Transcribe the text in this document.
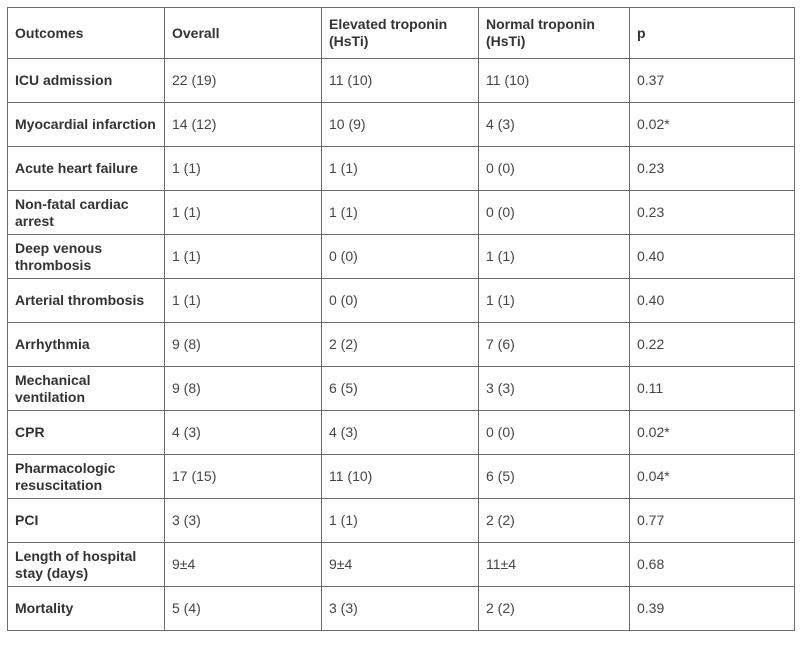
Outcomes	Overall	Elevated troponin (HsTi)	Normal troponin (HsTi)	p
ICU admission	22 (19)	11 (10)	11 (10)	0.37
Myocardial infarction	14 (12)	10 (9)	4 (3)	0.02*
Acute heart failure	1 (1)	1 (1)	0 (0)	0.23
Non-fatal cardiac arrest	1 (1)	1 (1)	0 (0)	0.23
Deep venous thrombosis	1 (1)	0 (0)	1 (1)	0.40
Arterial thrombosis	1 (1)	0 (0)	1 (1)	0.40
Arrhythmia	9 (8)	2 (2)	7 (6)	0.22
Mechanical ventilation	9 (8)	6 (5)	3 (3)	0.11
CPR	4 (3)	4 (3)	0 (0)	0.02*
Pharmacologic resuscitation	17 (15)	11 (10)	6 (5)	0.04*
PCI	3 (3)	1 (1)	2 (2)	0.77
Length of hospital stay (days)	9±4	9±4	11±4	0.68
Mortality	5 (4)	3 (3)	2 (2)	0.39
